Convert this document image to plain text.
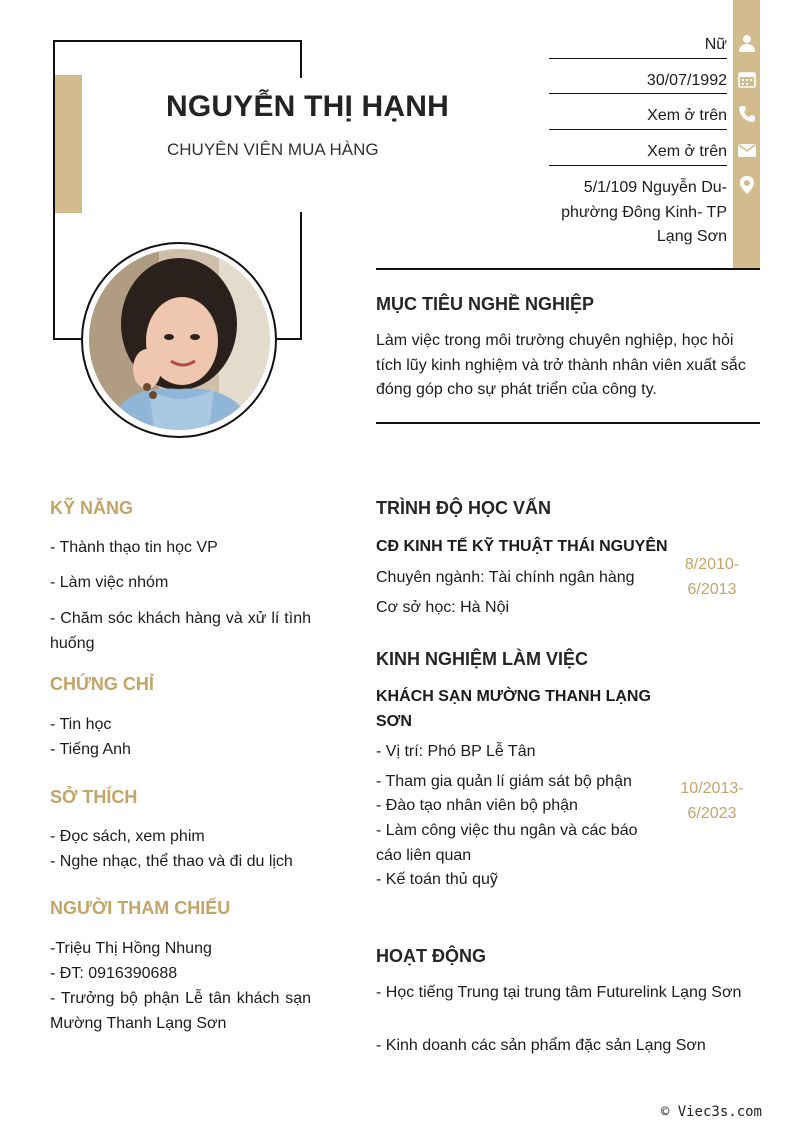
NGUYỄN THỊ HẠNH
CHUYÊN VIÊN MUA HÀNG
Nữ
30/07/1992
Xem ở trên
Xem ở trên
5/1/109 Nguyễn Du-phường Đông Kinh- TP Lạng Sơn
MỤC TIÊU NGHỀ NGHIỆP
Làm việc trong môi trường chuyên nghiệp, học hỏi tích lũy kinh nghiệm và trở thành nhân viên xuất sắc đóng góp cho sự phát triển của công ty.
KỸ NĂNG
- Thành thạo tin học VP
- Làm việc nhóm
- Chăm sóc khách hàng và xử lí tình huống
CHỨNG CHỈ
- Tin học
- Tiếng Anh
SỞ THÍCH
- Đọc sách, xem phim
- Nghe nhạc, thể thao và đi du lịch
NGƯỜI THAM CHIẾU
-Triệu Thị Hồng Nhung
- ĐT: 0916390688
- Trưởng bộ phận Lễ tân khách sạn Mường Thanh Lạng Sơn
TRÌNH ĐỘ HỌC VẤN
CĐ KINH TẾ KỸ THUẬT THÁI NGUYÊN
Chuyên ngành: Tài chính ngân hàng
Cơ sở học: Hà Nội
8/2010-6/2013
KINH NGHIỆM LÀM VIỆC
KHÁCH SẠN MƯỜNG THANH LẠNG SƠN
- Vị trí: Phó BP Lễ Tân
- Tham gia quản lí giám sát bộ phận
- Đào tạo nhân viên bộ phận
- Làm công việc thu ngân và các báo cáo liên quan
- Kế toán thủ quỹ
10/2013-6/2023
HOẠT ĐỘNG
- Học tiếng Trung tại trung tâm Futurelink Lạng Sơn
- Kinh doanh các sản phẩm đặc sản Lạng Sơn
© Viec3s.com
